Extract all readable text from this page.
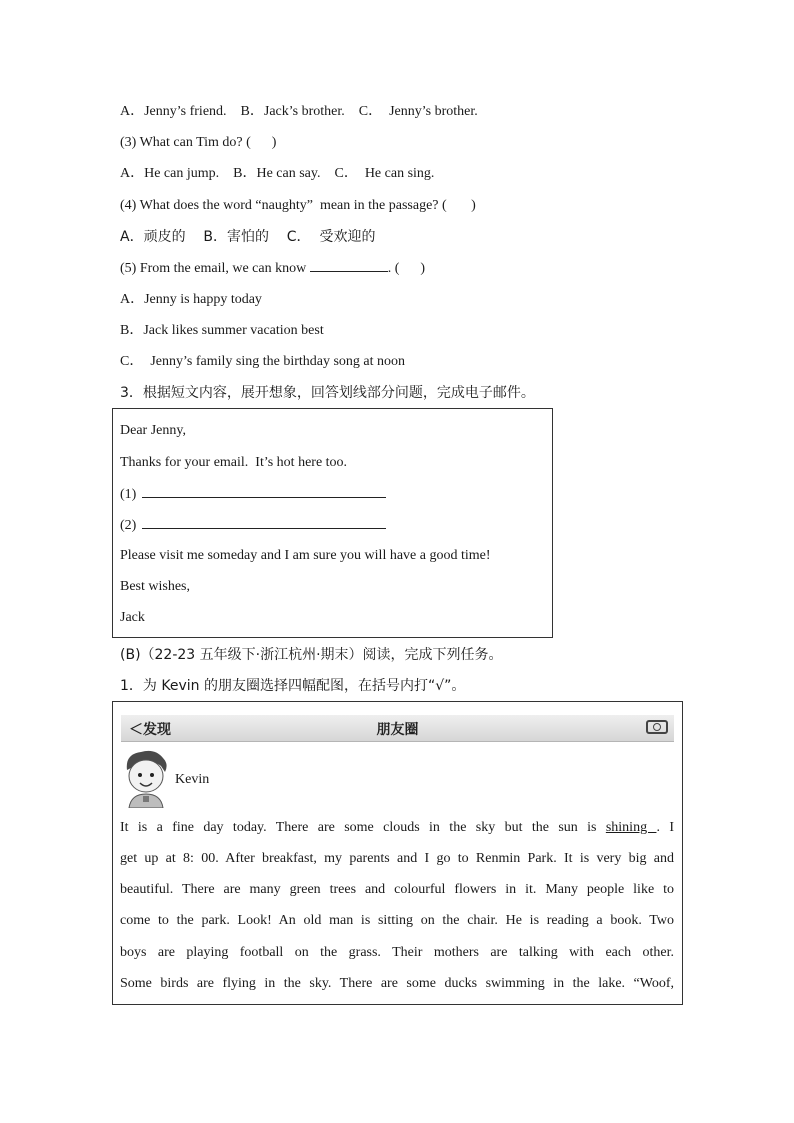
A．Jenny’s friend.    B．Jack’s brother.    C．  Jenny’s brother.
(3) What can Tim do? (      )
A．He can jump.    B．He can say.    C．  He can sing.
(4) What does the word “naughty”  mean in the passage? (       )
A．顽皮的    B．害怕的    C．  受欢迎的
(5) From the email, we can know	. (      )
A．Jenny is happy today
B．Jack likes summer vacation best
C．  Jenny’s family sing the birthday song at noon
3．根据短文内容，展开想象，回答划线部分问题，完成电子邮件。
Dear Jenny,
Thanks for your email.  It’s hot here too.
(1)
(2)
Please visit me someday and I am sure you will have a good time!
Best wishes,
Jack
(B)（22-23 五年级下·浙江杭州·期末）阅读，完成下列任务。
1．为 Kevin 的朋友圈选择四幅配图，在括号内打“√”。
＜发现	朋友圈
Kevin
It is a fine day today. There are some clouds in the sky but the sun is shining . I
get up at 8: 00. After breakfast, my parents and I go to Renmin Park. It is very big and
beautiful. There are many green trees and colourful flowers in it. Many people like to
come to the park. Look! An old man is sitting on the chair. He is reading a book. Two
boys are playing football on the grass. Their mothers are talking with each other.
Some birds are flying in the sky. There are some ducks swimming in the lake. “Woof,
